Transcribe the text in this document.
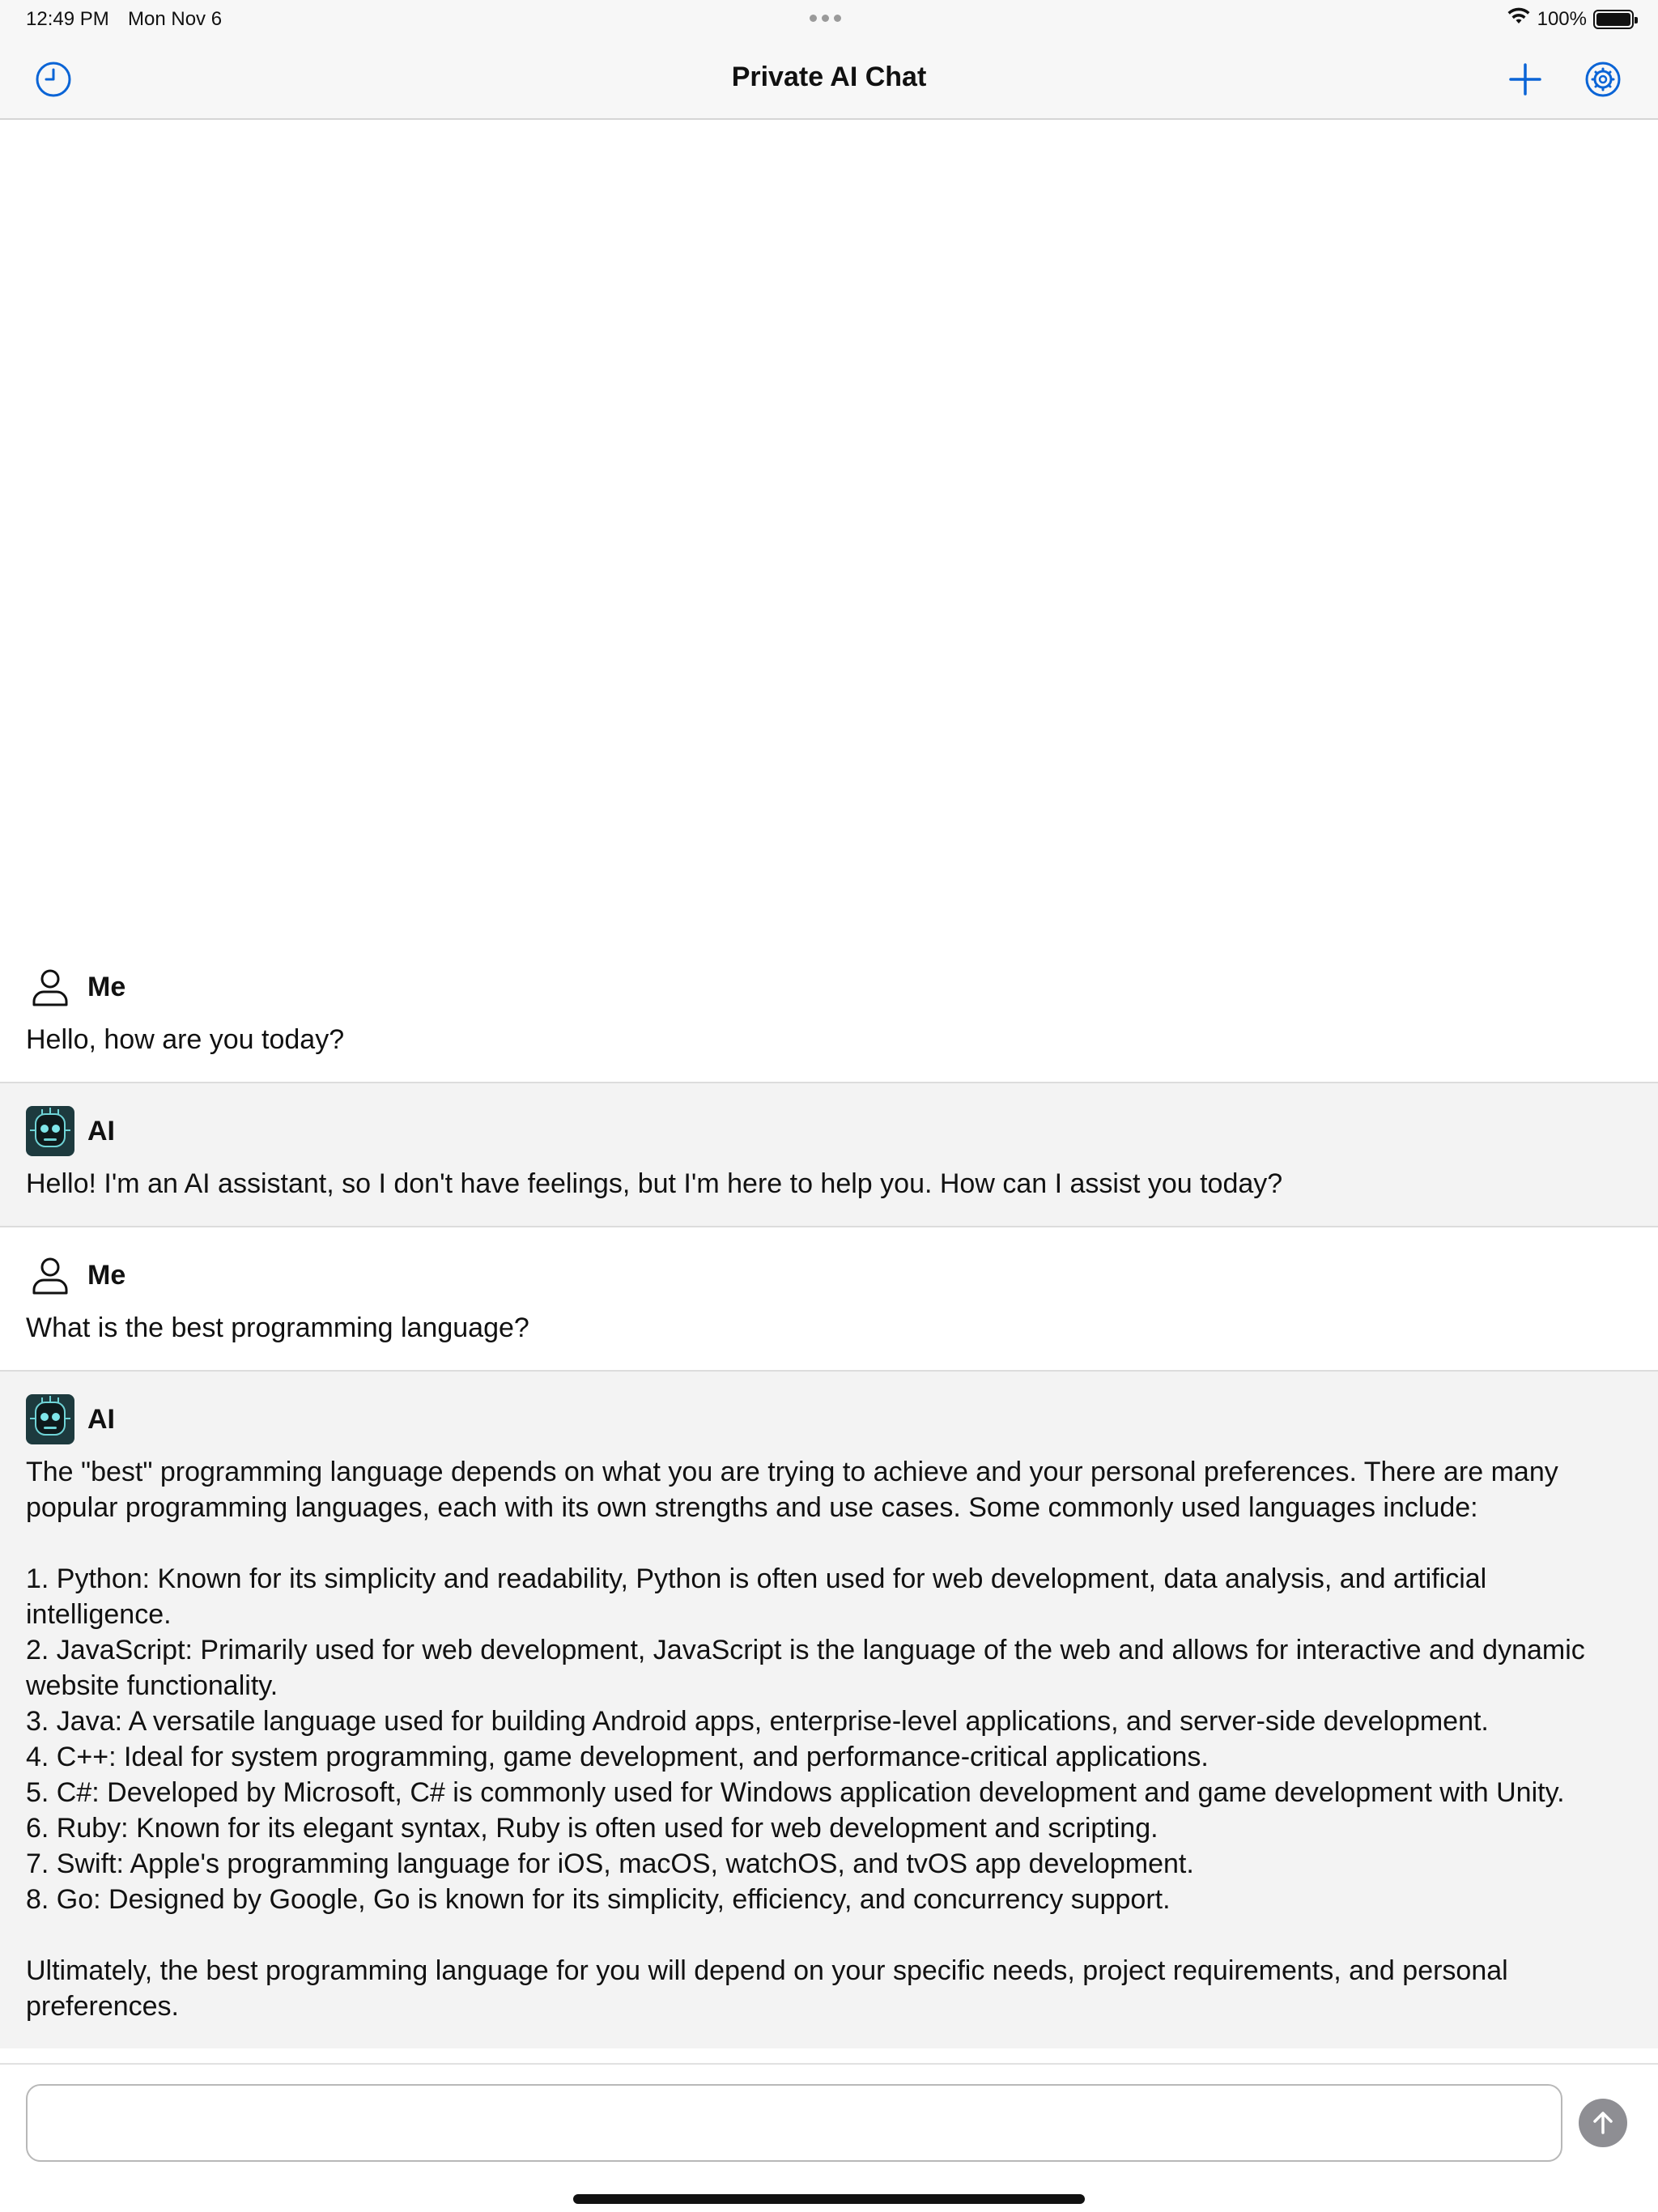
12:49 PM Mon Nov 6	100%
Private AI Chat
Me
Hello, how are you today?
AI
Hello! I'm an AI assistant, so I don't have feelings, but I'm here to help you. How can I assist you today?
Me
What is the best programming language?
AI
The "best" programming language depends on what you are trying to achieve and your personal preferences. There are many popular programming languages, each with its own strengths and use cases. Some commonly used languages include:

1. Python: Known for its simplicity and readability, Python is often used for web development, data analysis, and artificial intelligence.
2. JavaScript: Primarily used for web development, JavaScript is the language of the web and allows for interactive and dynamic website functionality.
3. Java: A versatile language used for building Android apps, enterprise-level applications, and server-side development.
4. C++: Ideal for system programming, game development, and performance-critical applications.
5. C#: Developed by Microsoft, C# is commonly used for Windows application development and game development with Unity.
6. Ruby: Known for its elegant syntax, Ruby is often used for web development and scripting.
7. Swift: Apple's programming language for iOS, macOS, watchOS, and tvOS app development.
8. Go: Designed by Google, Go is known for its simplicity, efficiency, and concurrency support.

Ultimately, the best programming language for you will depend on your specific needs, project requirements, and personal preferences.
